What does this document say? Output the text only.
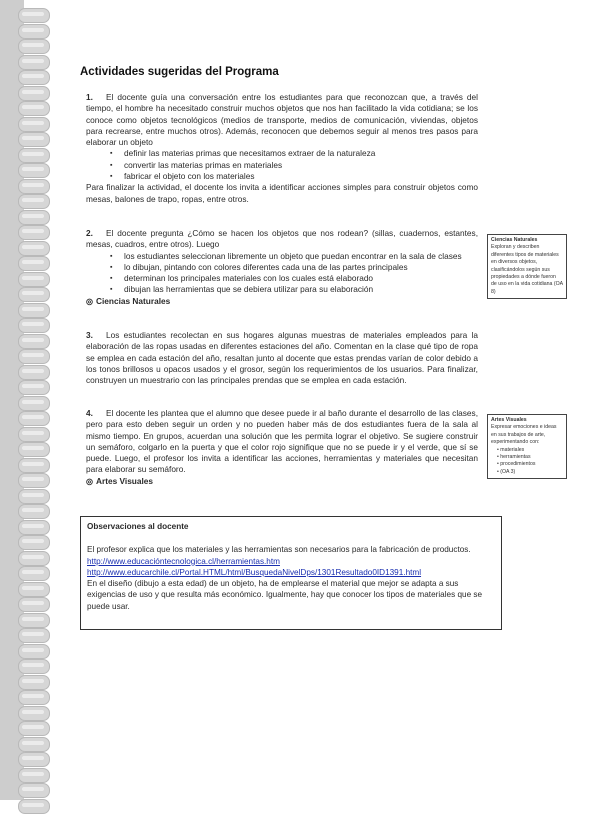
Actividades sugeridas del Programa

1. El docente guía una conversación entre los estudiantes para que reconozcan que, a través del tiempo, el hombre ha necesitado construir muchos objetos que nos han facilitado la vida cotidiana; se los conoce como objetos tecnológicos (medios de transporte, medios de comunicación, viviendas, objetos para recrearse, entre muchos otros). Además, reconocen que debemos seguir al menos tres pasos para elaborar un objeto

▪ definir las materias primas que necesitamos extraer de la naturaleza
▪ convertir las materias primas en materiales
▪ fabricar el objeto con los materiales

Para finalizar la actividad, el docente los invita a identificar acciones simples para construir objetos como mesas, balones de trapo, ropas, entre otros.

2. El docente pregunta ¿Cómo se hacen los objetos que nos rodean? (sillas, cuadernos, estantes, mesas, cuadros, entre otros). Luego

▪ los estudiantes seleccionan libremente un objeto que puedan encontrar en la sala de clases
▪ lo dibujan, pintando con colores diferentes cada una de las partes principales
▪ determinan los principales materiales con los cuales está elaborado
▪ dibujan las herramientas que se debiera utilizar para su elaboración

◎ Ciencias Naturales

3. Los estudiantes recolectan en sus hogares algunas muestras de materiales empleados para la elaboración de las ropas usadas en diferentes estaciones del año. Comentan en la clase qué tipo de ropa se emplea en cada estación del año, resaltan junto al docente que estas prendas varían de color debido a los tonos brillosos u opacos usados y el grosor, según los requerimientos de los usuarios. Para finalizar, construyen un muestrario con las principales prendas que se emplea en cada estación.

4. El docente les plantea que el alumno que desee puede ir al baño durante el desarrollo de las clases, pero para esto deben seguir un orden y no pueden haber más de dos estudiantes fuera de la sala al mismo tiempo. En grupos, acuerdan una solución que les permita lograr el objetivo. Se sugiere construir un semáforo, colgarlo en la puerta y que el color rojo signifique que no se puede ir y el verde, que sí se puede. Luego, el profesor los invita a identificar las acciones, herramientas y materiales que necesitan para elaborar su semáforo.

◎ Artes Visuales

Ciencias Naturales
Exploran y describen diferentes tipos de materiales en diversos objetos, clasificándolos según sus propiedades a dónde fueron de uso en la vida cotidiana (OA 8)
Artes Visuales
Expresar emociones e ideas en sus trabajos de arte, experimentando con:
• materiales
• herramientas
• procedimientos
• (OA 3)
Observaciones al docente

El profesor explica que los materiales y las herramientas son necesarios para la fabricación de productos.

http://www.educacióntecnologica.cl/herramientas.htm
http://www.educarchile.cl/Portal.HTML/html/BusquedaNivelDps/1301Resultado0ID1391.html

En el diseño (dibujo a esta edad) de un objeto, ha de emplearse el material que mejor se adapta a sus exigencias de uso y que resulta más económico. Igualmente, hay que conocer los tipos de materiales que se puede usar.
